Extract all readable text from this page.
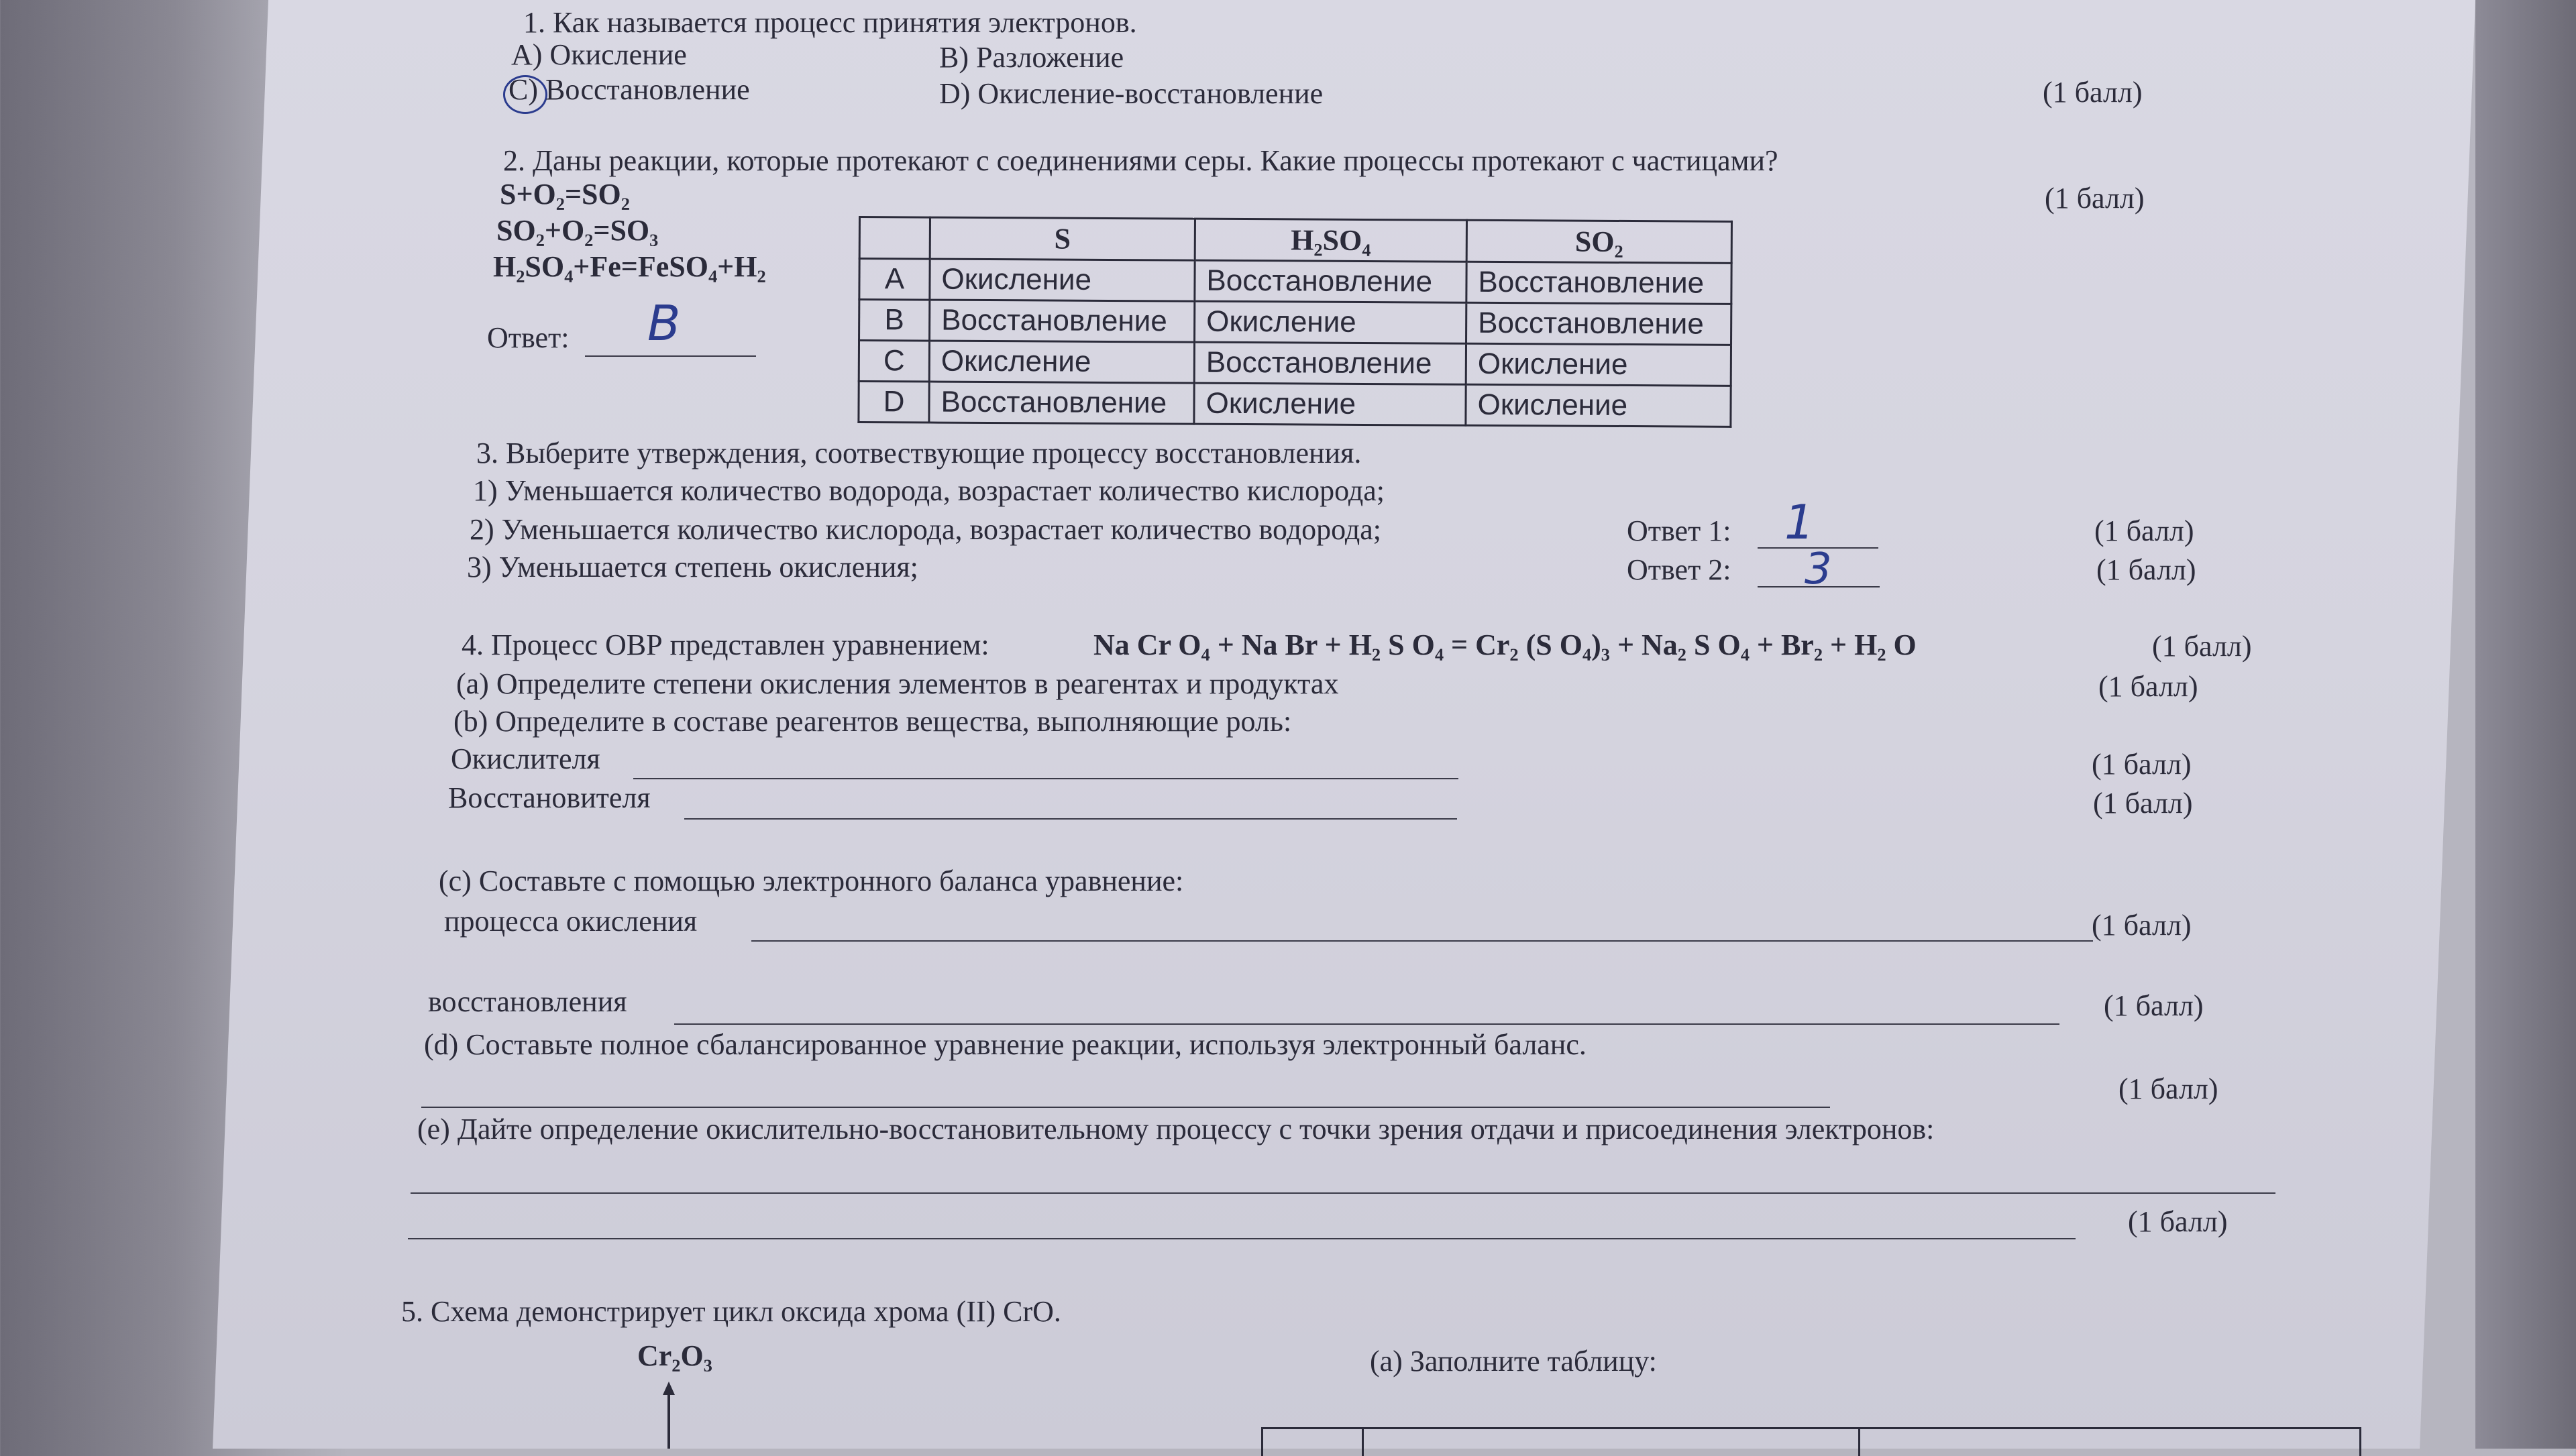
1. Как называется процесс принятия электронов.
A) Окисление	B) Разложение
C) Восстановление	D) Окисление-восстановление	(1 балл)
2. Даны реакции, которые протекают с соединениями серы. Какие процессы протекают с частицами?
S+O₂=SO₂	(1 балл)
SO₂+O₂=SO₃
H₂SO₄+Fe=FeSO₄+H₂
Ответ: B
	S	H₂SO₄	SO₂
A	Окисление	Восстановление	Восстановление
B	Восстановление	Окисление	Восстановление
C	Окисление	Восстановление	Окисление
D	Восстановление	Окисление	Окисление
3. Выберите утверждения, соотвествующие процессу восстановления.
1) Уменьшается количество водорода, возрастает количество кислорода;
2) Уменьшается количество кислорода, возрастает количество водорода;	Ответ 1: 1	(1 балл)
3) Уменьшается степень окисления;	Ответ 2: 3	(1 балл)
4. Процесс ОВР представлен уравнением:	Na Cr O₄ + Na Br + H₂ S O₄ = Cr₂ (S O₄)₃ + Na₂ S O₄ + Br₂ + H₂ O	(1 балл)
(a) Определите степени окисления элементов в реагентах и продуктах	(1 балл)
(b) Определите в составе реагентов вещества, выполняющие роль:
Окислителя	(1 балл)
Восстановителя	(1 балл)
(c) Составьте с помощью электронного баланса уравнение:
процесса окисления	(1 балл)
восстановления	(1 балл)
(d) Составьте полное сбалансированное уравнение реакции, используя электронный баланс.
(1 балл)
(e) Дайте определение окислительно-восстановительному процессу с точки зрения отдачи и присоединения электронов:
(1 балл)
5. Схема демонстрирует цикл оксида хрома (II) CrO.
Cr₂O₃	(a) Заполните таблицу:
